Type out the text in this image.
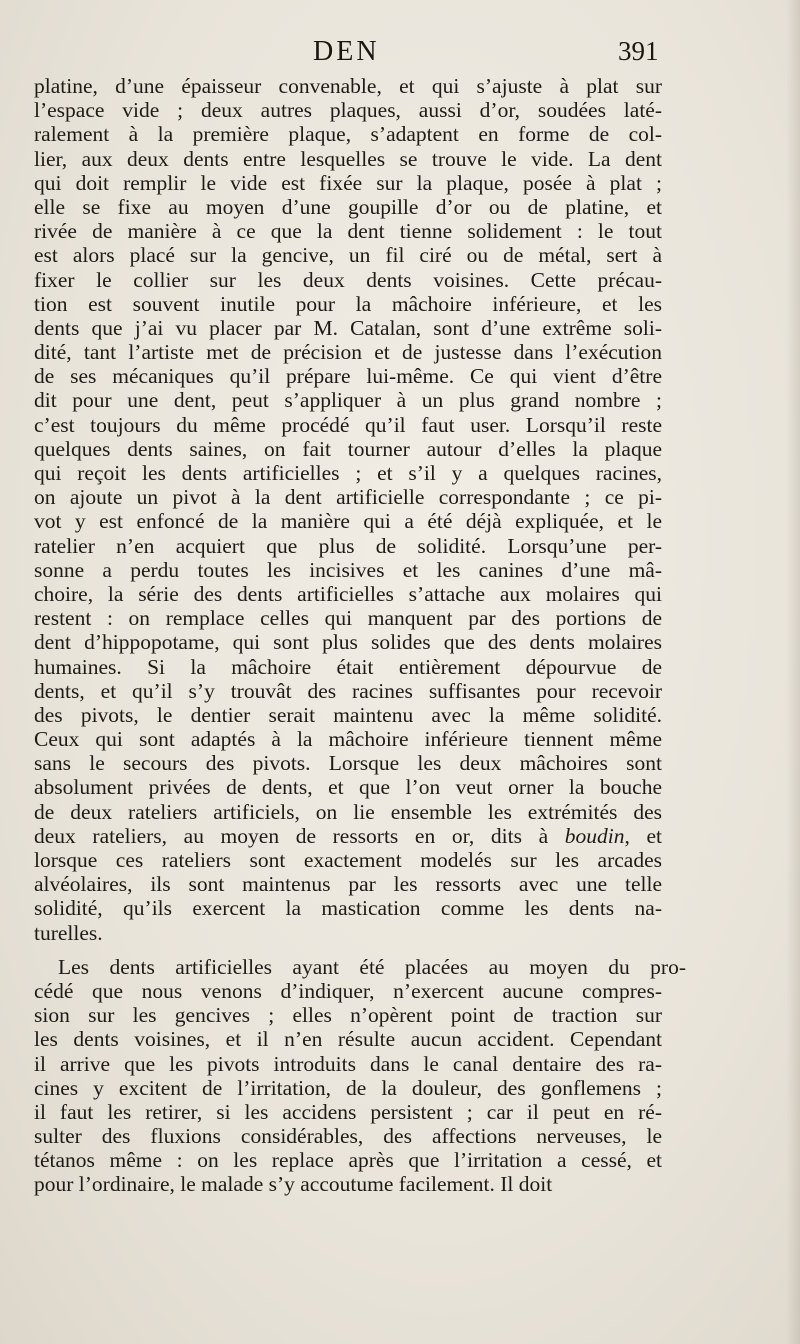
DEN	391
platine, d’une épaisseur convenable, et qui s’ajuste à plat sur
l’espace vide ; deux autres plaques, aussi d’or, soudées laté-
ralement à la première plaque, s’adaptent en forme de col-
lier, aux deux dents entre lesquelles se trouve le vide. La dent
qui doit remplir le vide est fixée sur la plaque, posée à plat ;
elle se fixe au moyen d’une goupille d’or ou de platine, et
rivée de manière à ce que la dent tienne solidement : le tout
est alors placé sur la gencive, un fil ciré ou de métal, sert à
fixer le collier sur les deux dents voisines. Cette précau-
tion est souvent inutile pour la mâchoire inférieure, et les
dents que j’ai vu placer par M. Catalan, sont d’une extrême soli-
dité, tant l’artiste met de précision et de justesse dans l’exécution
de ses mécaniques qu’il prépare lui-même. Ce qui vient d’être
dit pour une dent, peut s’appliquer à un plus grand nombre ;
c’est toujours du même procédé qu’il faut user. Lorsqu’il reste
quelques dents saines, on fait tourner autour d’elles la plaque
qui reçoit les dents artificielles ; et s’il y a quelques racines,
on ajoute un pivot à la dent artificielle correspondante ; ce pi-
vot y est enfoncé de la manière qui a été déjà expliquée, et le
ratelier n’en acquiert que plus de solidité. Lorsqu’une per-
sonne a perdu toutes les incisives et les canines d’une mâ-
choire, la série des dents artificielles s’attache aux molaires qui
restent : on remplace celles qui manquent par des portions de
dent d’hippopotame, qui sont plus solides que des dents molaires
humaines. Si la mâchoire était entièrement dépourvue de
dents, et qu’il s’y trouvât des racines suffisantes pour recevoir
des pivots, le dentier serait maintenu avec la même solidité.
Ceux qui sont adaptés à la mâchoire inférieure tiennent même
sans le secours des pivots. Lorsque les deux mâchoires sont
absolument privées de dents, et que l’on veut orner la bouche
de deux rateliers artificiels, on lie ensemble les extrémités des
deux rateliers, au moyen de ressorts en or, dits à boudin, et
lorsque ces rateliers sont exactement modelés sur les arcades
alvéolaires, ils sont maintenus par les ressorts avec une telle
solidité, qu’ils exercent la mastication comme les dents na-
turelles.
Les dents artificielles ayant été placées au moyen du pro-
cédé que nous venons d’indiquer, n’exercent aucune compres-
sion sur les gencives ; elles n’opèrent point de traction sur
les dents voisines, et il n’en résulte aucun accident. Cependant
il arrive que les pivots introduits dans le canal dentaire des ra-
cines y excitent de l’irritation, de la douleur, des gonflemens ;
il faut les retirer, si les accidens persistent ; car il peut en ré-
sulter des fluxions considérables, des affections nerveuses, le
tétanos même : on les replace après que l’irritation a cessé, et
pour l’ordinaire, le malade s’y accoutume facilement. Il doit
